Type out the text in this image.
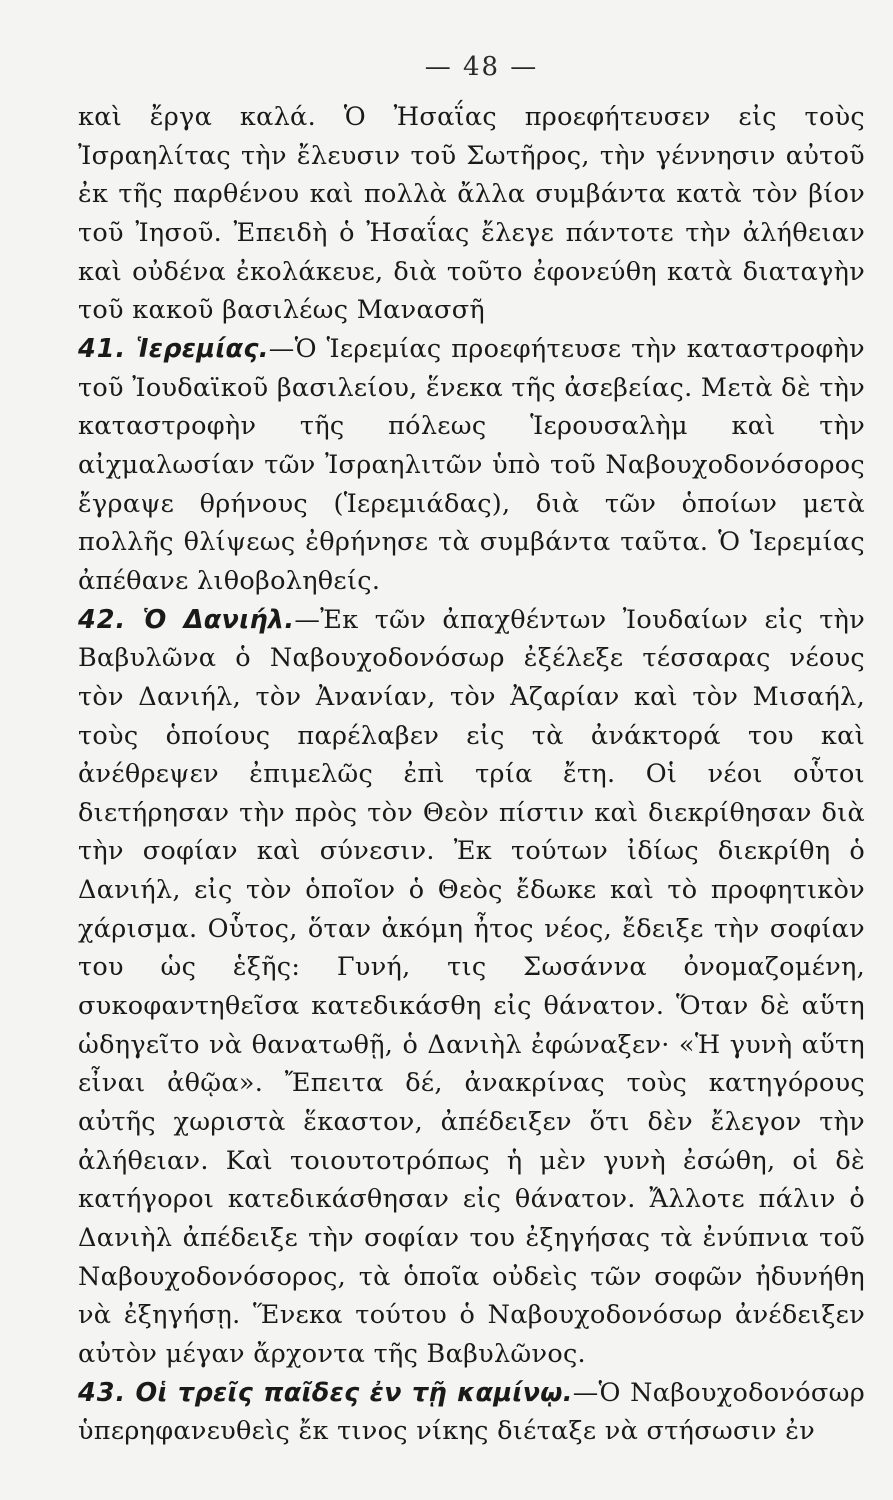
— 48 —

καὶ ἔργα καλά. Ὁ Ἠσαΐας προεφήτευσεν εἰς τοὺς Ἰσραηλίτας τὴν ἔλευσιν τοῦ Σωτῆρος, τὴν γέννησιν αὐτοῦ ἐκ τῆς παρθένου καὶ πολλὰ ἄλλα συμβάντα κατὰ τὸν βίον τοῦ Ἰησοῦ. Ἐπειδὴ ὁ Ἠσαΐας ἔλεγε πάντοτε τὴν ἀλήθειαν καὶ οὐδένα ἐκολάκευε, διὰ τοῦτο ἐφονεύθη κατὰ διαταγὴν τοῦ κακοῦ βασιλέως Μανασσῆ

41. Ἱερεμίας.—Ὁ Ἱερεμίας προεφήτευσε τὴν καταστροφὴν τοῦ Ἰουδαϊκοῦ βασιλείου, ἕνεκα τῆς ἀσεβείας. Μετὰ δὲ τὴν καταστροφὴν τῆς πόλεως Ἱερουσαλὴμ καὶ τὴν αἰχμαλωσίαν τῶν Ἰσραηλιτῶν ὑπὸ τοῦ Ναβουχοδονόσορος ἔγραψε θρήνους (Ἱερεμιάδας), διὰ τῶν ὁποίων μετὰ πολλῆς θλίψεως ἐθρήνησε τὰ συμβάντα ταῦτα. Ὁ Ἱερεμίας ἀπέθανε λιθοβοληθείς.

42. Ὁ Δανιήλ.—Ἐκ τῶν ἀπαχθέντων Ἰουδαίων εἰς τὴν Βαβυλῶνα ὁ Ναβουχοδονόσωρ ἐξέλεξε τέσσαρας νέους τὸν Δανιήλ, τὸν Ἀνανίαν, τὸν Ἀζαρίαν καὶ τὸν Μισαήλ, τοὺς ὁποίους παρέλαβεν εἰς τὰ ἀνάκτορά του καὶ ἀνέθρεψεν ἐπιμελῶς ἐπὶ τρία ἔτη. Οἱ νέοι οὗτοι διετήρησαν τὴν πρὸς τὸν Θεὸν πίστιν καὶ διεκρίθησαν διὰ τὴν σοφίαν καὶ σύνεσιν. Ἐκ τούτων ἰδίως διεκρίθη ὁ Δανιήλ, εἰς τὸν ὁποῖον ὁ Θεὸς ἔδωκε καὶ τὸ προφητικὸν χάρισμα. Οὗτος, ὅταν ἀκόμη ἦτος νέος, ἔδειξε τὴν σοφίαν του ὡς ἑξῆς: Γυνή, τις Σωσάννα ὀνομαζομένη, συκοφαντηθεῖσα κατεδικάσθη εἰς θάνατον. Ὅταν δὲ αὕτη ὡδηγεῖτο νὰ θανατωθῇ, ὁ Δανιὴλ ἐφώναξεν· «Ἡ γυνὴ αὕτη εἶναι ἀθῷα». Ἔπειτα δέ, ἀνακρίνας τοὺς κατηγόρους αὐτῆς χωριστὰ ἕκαστον, ἀπέδειξεν ὅτι δὲν ἔλεγον τὴν ἀλήθειαν. Καὶ τοιουτοτρόπως ἡ μὲν γυνὴ ἐσώθη, οἱ δὲ κατήγοροι κατεδικάσθησαν εἰς θάνατον. Ἄλλοτε πάλιν ὁ Δανιὴλ ἀπέδειξε τὴν σοφίαν του ἐξηγήσας τὰ ἐνύπνια τοῦ Ναβουχοδονόσορος, τὰ ὁποῖα οὐδεὶς τῶν σοφῶν ἠδυνήθη νὰ ἐξηγήσῃ. Ἕνεκα τούτου ὁ Ναβουχοδονόσωρ ἀνέδειξεν αὐτὸν μέγαν ἄρχοντα τῆς Βαβυλῶνος.

43. Οἱ τρεῖς παῖδες ἐν τῇ καμίνῳ.—Ὁ Ναβουχοδονόσωρ ὑπερηφανευθεὶς ἔκ τινος νίκης διέταξε νὰ στήσωσιν ἐν
